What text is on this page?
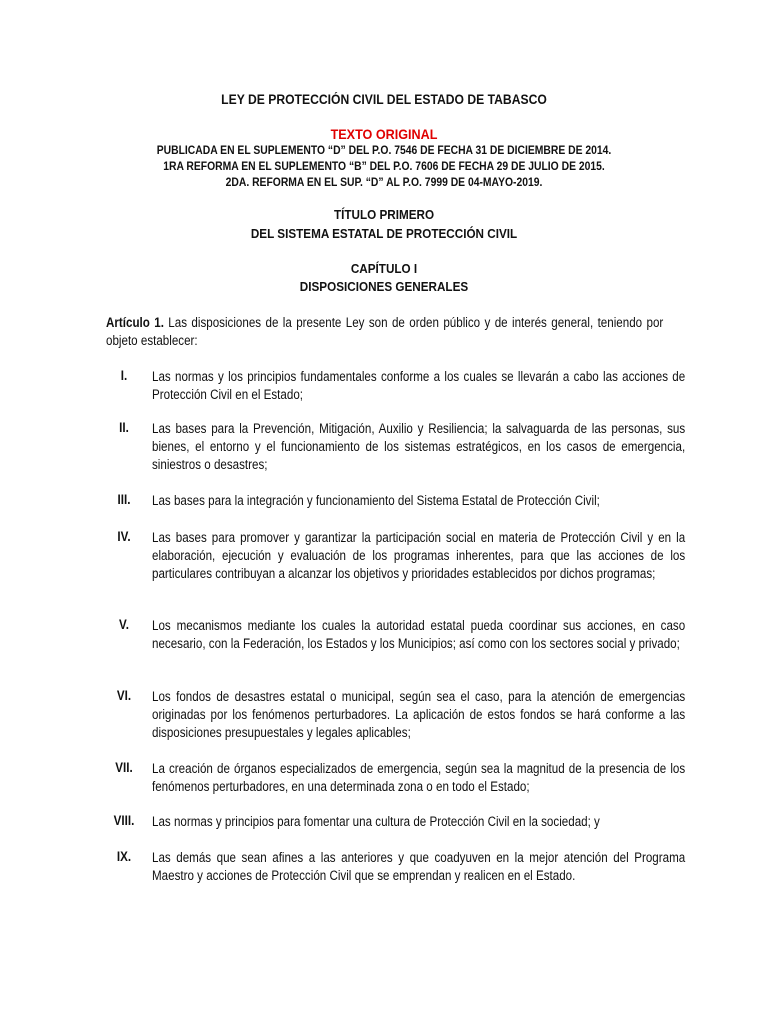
LEY DE PROTECCIÓN CIVIL DEL ESTADO DE TABASCO
TEXTO ORIGINAL
PUBLICADA EN EL SUPLEMENTO “D” DEL P.O. 7546 DE FECHA 31 DE DICIEMBRE DE 2014.
1RA REFORMA EN EL SUPLEMENTO “B” DEL P.O. 7606 DE FECHA 29 DE JULIO DE 2015.
2DA. REFORMA EN EL SUP. “D” AL P.O. 7999 DE 04-MAYO-2019.
TÍTULO PRIMERO
DEL SISTEMA ESTATAL DE PROTECCIÓN CIVIL
CAPÍTULO I
DISPOSICIONES GENERALES
Artículo 1. Las disposiciones de la presente Ley son de orden público y de interés general, teniendo por objeto establecer:
I.	Las normas y los principios fundamentales conforme a los cuales se llevarán a cabo las acciones de Protección Civil en el Estado;
II.	Las bases para la Prevención, Mitigación, Auxilio y Resiliencia; la salvaguarda de las personas, sus bienes, el entorno y el funcionamiento de los sistemas estratégicos, en los casos de emergencia, siniestros o desastres;
III.	Las bases para la integración y funcionamiento del Sistema Estatal de Protección Civil;
IV.	Las bases para promover y garantizar la participación social en materia de Protección Civil y en la elaboración, ejecución y evaluación de los programas inherentes, para que las acciones de los particulares contribuyan a alcanzar los objetivos y prioridades establecidos por dichos programas;
V.	Los mecanismos mediante los cuales la autoridad estatal pueda coordinar sus acciones, en caso necesario, con la Federación, los Estados y los Municipios; así como con los sectores social y privado;
VI.	Los fondos de desastres estatal o municipal, según sea el caso, para la atención de emergencias originadas por los fenómenos perturbadores. La aplicación de estos fondos se hará conforme a las disposiciones presupuestales y legales aplicables;
VII.	La creación de órganos especializados de emergencia, según sea la magnitud de la presencia de los fenómenos perturbadores, en una determinada zona o en todo el Estado;
VIII.	Las normas y principios para fomentar una cultura de Protección Civil en la sociedad; y
IX.	Las demás que sean afines a las anteriores y que coadyuven en la mejor atención del Programa Maestro y acciones de Protección Civil que se emprendan y realicen en el Estado.
